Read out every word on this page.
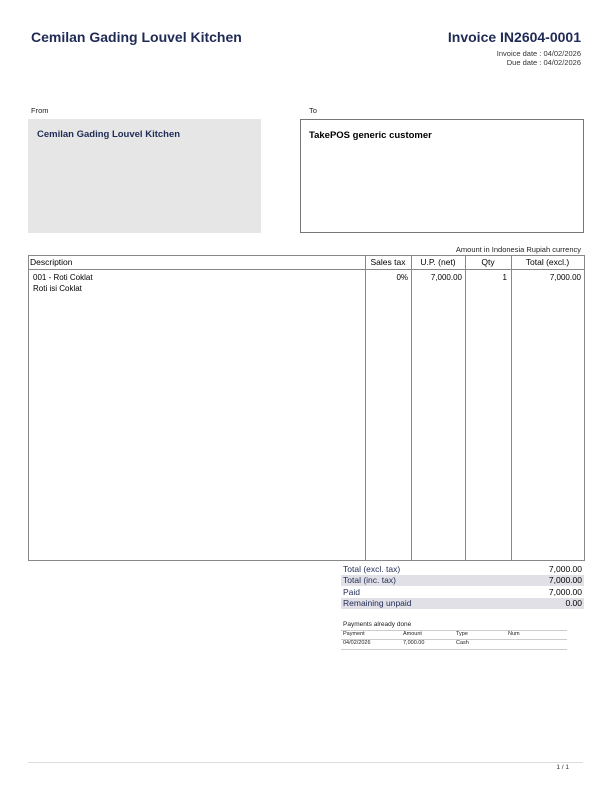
Cemilan Gading Louvel Kitchen	Invoice IN2604-0001
Invoice date : 04/02/2026
Due date : 04/02/2026
From	To
Cemilan Gading Louvel Kitchen	TakePOS generic customer
Amount in Indonesia Rupiah currency
Description	Sales tax	U.P. (net)	Qty	Total (excl.)
001 - Roti Coklat
Roti isi Coklat
0%	7,000.00	1	7,000.00
Total (excl. tax)	7,000.00
Total (inc. tax)	7,000.00
Paid	7,000.00
Remaining unpaid	0.00
Payments already done
Payment	Amount	Type	Num
04/02/2026	7,000.00	Cash
1 / 1
